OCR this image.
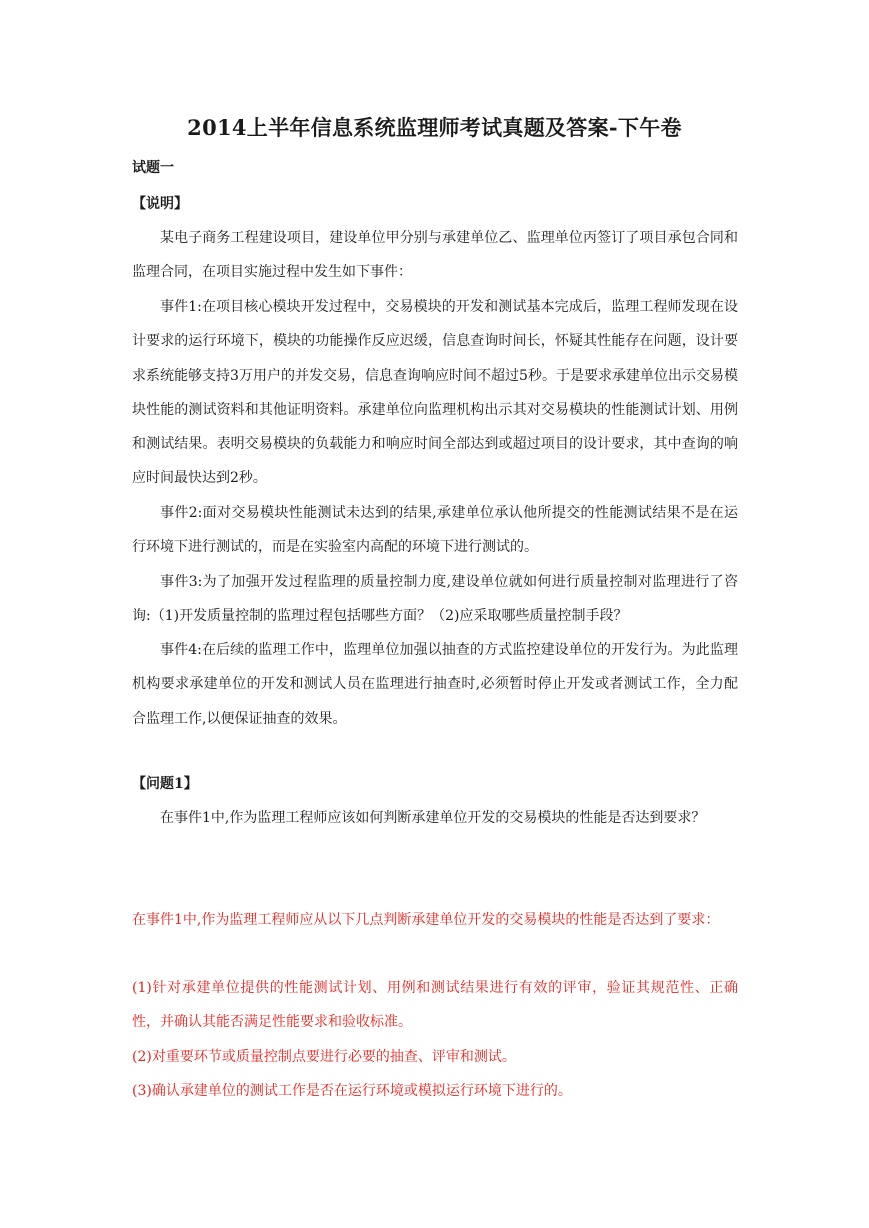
2014上半年信息系统监理师考试真题及答案-下午卷
试题一
【说明】

某电子商务工程建设项目，建设单位甲分别与承建单位乙、监理单位丙签订了项目承包合同和监理合同，在项目实施过程中发生如下事件：

事件1:在项目核心模块开发过程中，交易模块的开发和测试基本完成后，监理工程师发现在设计要求的运行环境下，模块的功能操作反应迟缓，信息查询时间长，怀疑其性能存在问题，设计要求系统能够支持3万用户的并发交易，信息查询响应时间不超过5秒。于是要求承建单位出示交易模块性能的测试资料和其他证明资料。承建单位向监理机构出示其对交易模块的性能测试计划、用例和测试结果。表明交易模块的负载能力和响应时间全部达到或超过项目的设计要求，其中查询的响应时间最快达到2秒。

事件2:面对交易模块性能测试未达到的结果,承建单位承认他所提交的性能测试结果不是在运行环境下进行测试的，而是在实验室内高配的环境下进行测试的。

事件3:为了加强开发过程监理的质量控制力度,建设单位就如何进行质量控制对监理进行了咨询:（1)开发质量控制的监理过程包括哪些方面？（2)应采取哪些质量控制手段？

事件4:在后续的监理工作中，监理单位加强以抽查的方式监控建设单位的开发行为。为此监理机构要求承建单位的开发和测试人员在监理进行抽查时,必须暂时停止开发或者测试工作，全力配合监理工作,以便保证抽查的效果。

【问题1】

在事件1中,作为监理工程师应该如何判断承建单位开发的交易模块的性能是否达到要求？

在事件1中,作为监理工程师应从以下几点判断承建单位开发的交易模块的性能是否达到了要求：

(1)针对承建单位提供的性能测试计划、用例和测试结果进行有效的评审，验证其规范性、正确性，并确认其能否满足性能要求和验收标准。

(2)对重要环节或质量控制点要进行必要的抽查、评审和测试。

(3)确认承建单位的测试工作是否在运行环境或模拟运行环境下进行的。
